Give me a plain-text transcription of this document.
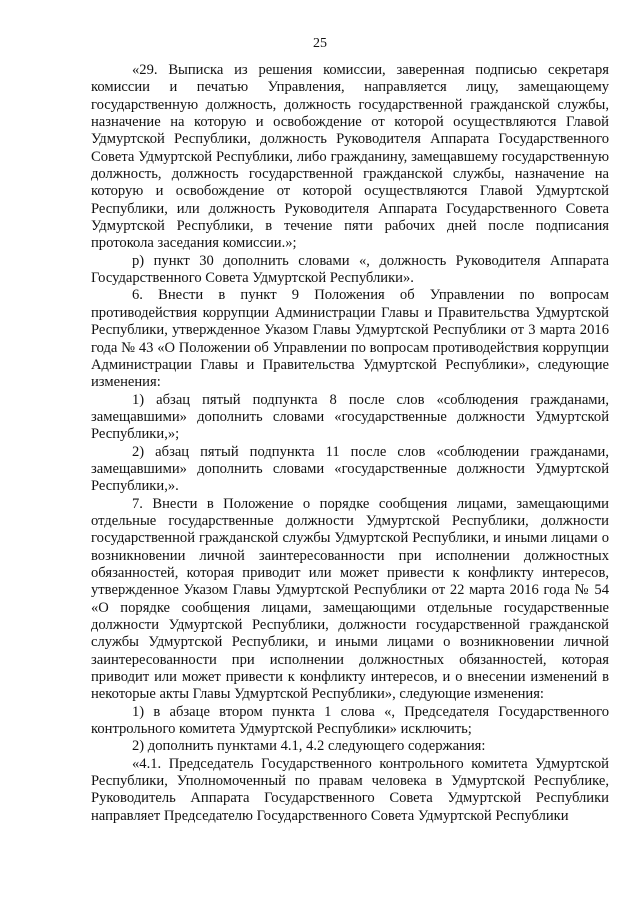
25

«29. Выписка из решения комиссии, заверенная подписью секретаря комиссии и печатью Управления, направляется лицу, замещающему государственную должность, должность государственной гражданской службы, назначение на которую и освобождение от которой осуществляются Главой Удмуртской Республики, должность Руководителя Аппарата Государственного Совета Удмуртской Республики, либо гражданину, замещавшему государственную должность, должность государственной гражданской службы, назначение на которую и освобождение от которой осуществляются Главой Удмуртской Республики, или должность Руководителя Аппарата Государственного Совета Удмуртской Республики, в течение пяти рабочих дней после подписания протокола заседания комиссии.»;

р) пункт 30 дополнить словами «, должность Руководителя Аппарата Государственного Совета Удмуртской Республики».

6. Внести в пункт 9 Положения об Управлении по вопросам противодействия коррупции Администрации Главы и Правительства Удмуртской Республики, утвержденное Указом Главы Удмуртской Республики от 3 марта 2016 года № 43 «О Положении об Управлении по вопросам противодействия коррупции Администрации Главы и Правительства Удмуртской Республики», следующие изменения:

1) абзац пятый подпункта 8 после слов «соблюдения гражданами, замещавшими» дополнить словами «государственные должности Удмуртской Республики,»;

2) абзац пятый подпункта 11 после слов «соблюдении гражданами, замещавшими» дополнить словами «государственные должности Удмуртской Республики,».

7. Внести в Положение о порядке сообщения лицами, замещающими отдельные государственные должности Удмуртской Республики, должности государственной гражданской службы Удмуртской Республики, и иными лицами о возникновении личной заинтересованности при исполнении должностных обязанностей, которая приводит или может привести к конфликту интересов, утвержденное Указом Главы Удмуртской Республики от 22 марта 2016 года № 54 «О порядке сообщения лицами, замещающими отдельные государственные должности Удмуртской Республики, должности государственной гражданской службы Удмуртской Республики, и иными лицами о возникновении личной заинтересованности при исполнении должностных обязанностей, которая приводит или может привести к конфликту интересов, и о внесении изменений в некоторые акты Главы Удмуртской Республики», следующие изменения:

1) в абзаце втором пункта 1 слова «, Председателя Государственного контрольного комитета Удмуртской Республики» исключить;

2) дополнить пунктами 4.1, 4.2 следующего содержания:

«4.1. Председатель Государственного контрольного комитета Удмуртской Республики, Уполномоченный по правам человека в Удмуртской Республике, Руководитель Аппарата Государственного Совета Удмуртской Республики направляет Председателю Государственного Совета Удмуртской Республики
